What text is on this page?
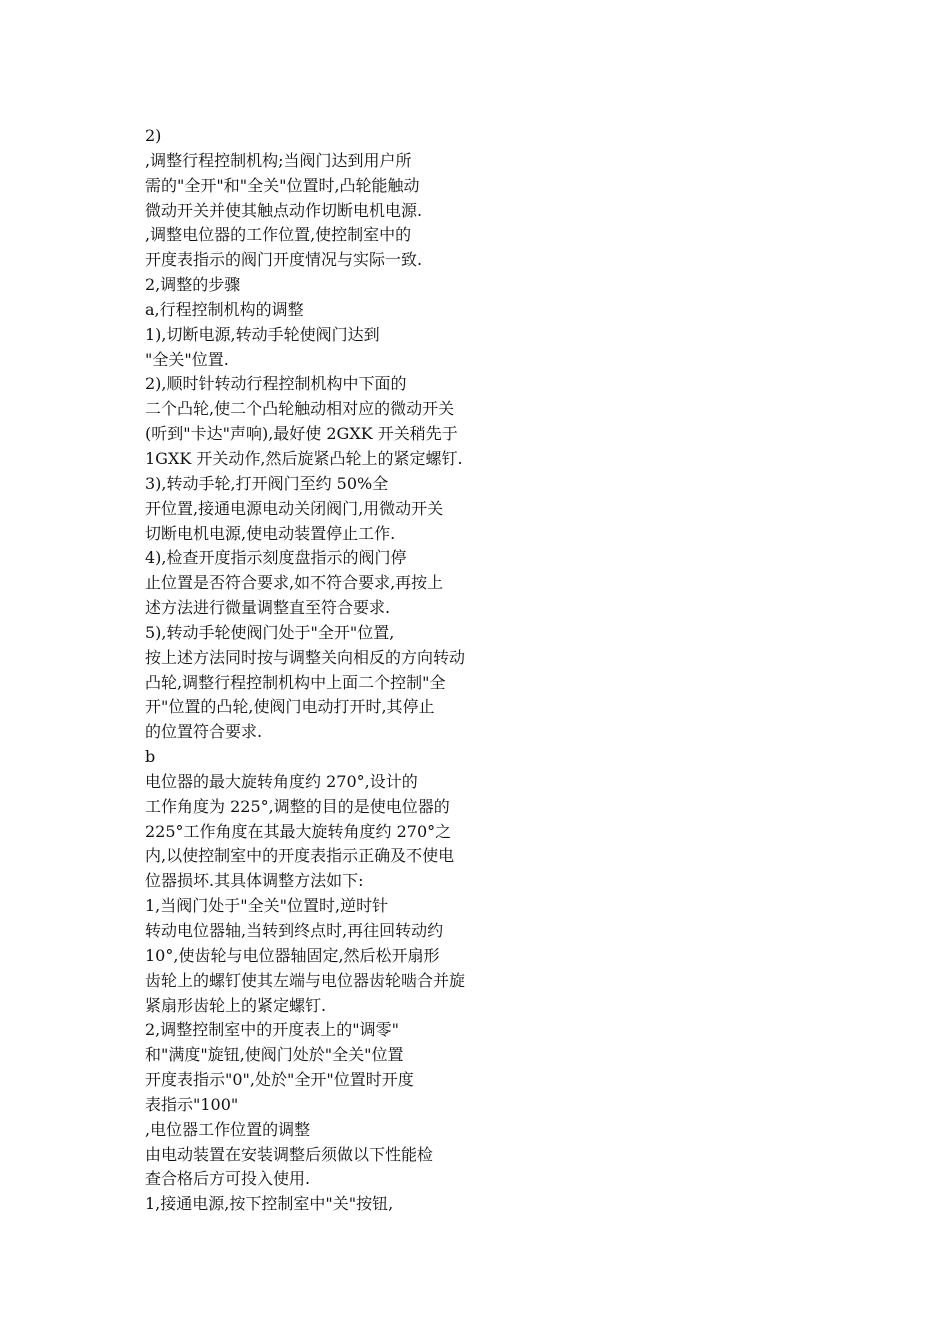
2)
,调整行程控制机构;当阀门达到用户所
需的"全开"和"全关"位置时,凸轮能触动
微动开关并使其触点动作切断电机电源.
,调整电位器的工作位置,使控制室中的
开度表指示的阀门开度情况与实际一致.
2,调整的步骤
a,行程控制机构的调整
1),切断电源,转动手轮使阀门达到
"全关"位置.
2),顺时针转动行程控制机构中下面的
二个凸轮,使二个凸轮触动相对应的微动开关
(听到"卡达"声响),最好使 2GXK 开关稍先于
1GXK 开关动作,然后旋紧凸轮上的紧定螺钉.
3),转动手轮,打开阀门至约 50%全
开位置,接通电源电动关闭阀门,用微动开关
切断电机电源,使电动装置停止工作.
4),检查开度指示刻度盘指示的阀门停
止位置是否符合要求,如不符合要求,再按上
述方法进行微量调整直至符合要求.
5),转动手轮使阀门处于"全开"位置,
按上述方法同时按与调整关向相反的方向转动
凸轮,调整行程控制机构中上面二个控制"全
开"位置的凸轮,使阀门电动打开时,其停止
的位置符合要求.
b
电位器的最大旋转角度约 270°,设计的
工作角度为 225°,调整的目的是使电位器的
225°工作角度在其最大旋转角度约 270°之
内,以使控制室中的开度表指示正确及不使电
位器损坏.其具体调整方法如下:
1,当阀门处于"全关"位置时,逆时针
转动电位器轴,当转到终点时,再往回转动约
10°,使齿轮与电位器轴固定,然后松开扇形
齿轮上的螺钉使其左端与电位器齿轮啮合并旋
紧扇形齿轮上的紧定螺钉.
2,调整控制室中的开度表上的"调零"
和"满度"旋钮,使阀门处於"全关"位置
开度表指示"0",处於"全开"位置时开度
表指示"100"
,电位器工作位置的调整
由电动装置在安装调整后须做以下性能检
查合格后方可投入使用.
1,接通电源,按下控制室中"关"按钮,
